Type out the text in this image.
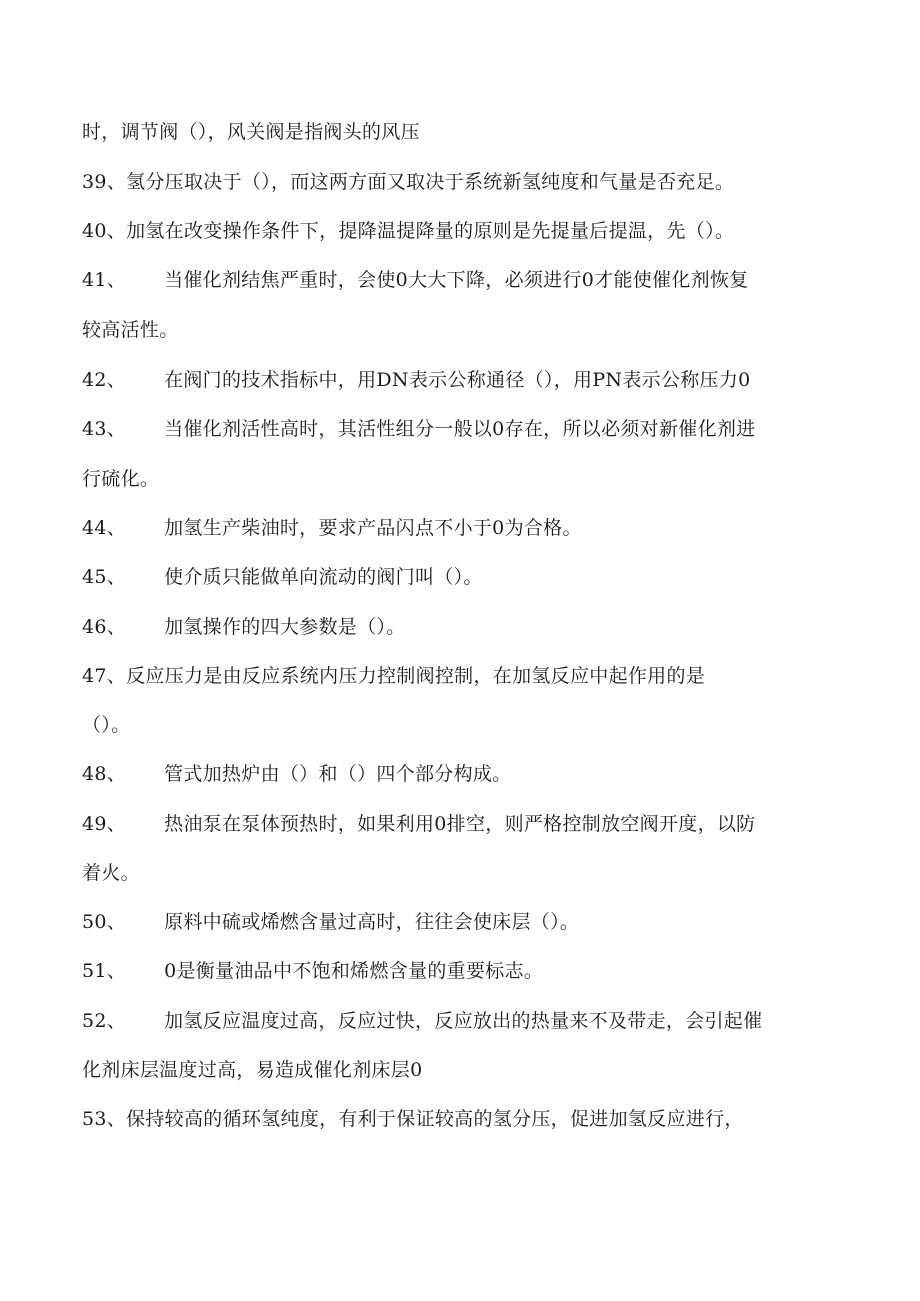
时，调节阀（），风关阀是指阀头的风压
39、氢分压取决于（），而这两方面又取决于系统新氢纯度和气量是否充足。
40、加氢在改变操作条件下，提降温提降量的原则是先提量后提温，先（）。
41、 当催化剂结焦严重时，会使0大大下降，必须进行0才能使催化剂恢复
较高活性。
42、 在阀门的技术指标中，用DN表示公称通径（），用PN表示公称压力0
43、 当催化剂活性高时，其活性组分一般以0存在，所以必须对新催化剂进
行硫化。
44、 加氢生产柴油时，要求产品闪点不小于0为合格。
45、 使介质只能做单向流动的阀门叫（）。
46、 加氢操作的四大参数是（）。
47、反应压力是由反应系统内压力控制阀控制，在加氢反应中起作用的是
（）。
48、 管式加热炉由（）和（）四个部分构成。
49、 热油泵在泵体预热时，如果利用0排空，则严格控制放空阀开度，以防
着火。
50、 原料中硫或烯燃含量过高时，往往会使床层（）。
51、 0是衡量油品中不饱和烯燃含量的重要标志。
52、 加氢反应温度过高，反应过快，反应放出的热量来不及带走，会引起催
化剂床层温度过高，易造成催化剂床层0
53、保持较高的循环氢纯度，有利于保证较高的氢分压，促进加氢反应进行，
